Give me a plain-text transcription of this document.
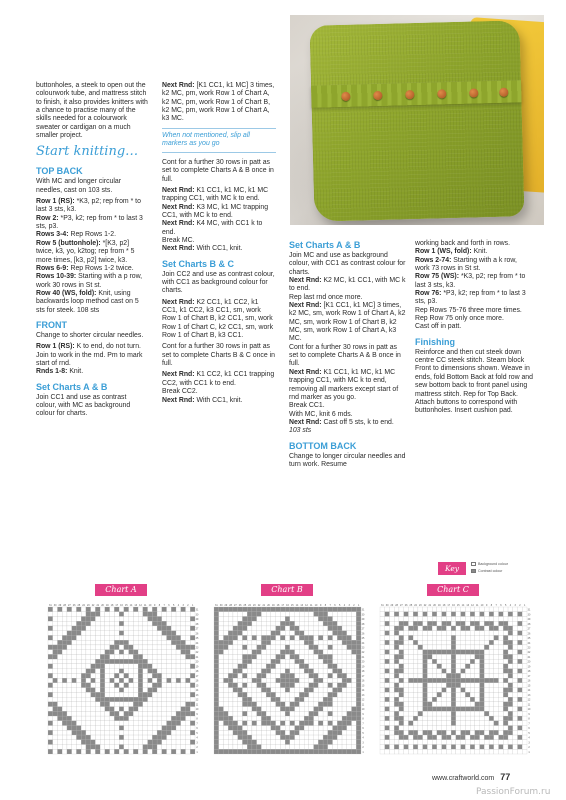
buttonholes, a steek to open out the colourwork tube, and mattress stitch to finish, it also provides knitters with a chance to practise many of the skills needed for a colourwork sweater or cardigan on a much smaller project.

Start knitting…
TOP BACK

With MC and longer circular needles, cast on 103 sts.

Row 1 (RS): *K3, p2; rep from * to last 3 sts, k3.

Row 2: *P3, k2; rep from * to last 3 sts, p3.

Rows 3-4: Rep Rows 1-2.

Row 5 (buttonhole): *[K3, p2] twice, k3, yo, k2tog; rep from * 5 more times, [k3, p2] twice, k3.

Rows 6-9: Rep Rows 1-2 twice.

Rows 10-39: Starting with a p row, work 30 rows in St st.

Row 40 (WS, fold): Knit, using backwards loop method cast on 5 sts for steek. 108 sts

FRONT

Change to shorter circular needles.

Row 1 (RS): K to end, do not turn. Join to work in the rnd. Pm to mark start of rnd.

Rnds 1-8: Knit.

Set Charts A & B

Join CC1 and use as contrast colour, with MC as background colour for charts.

Next Rnd: [K1 CC1, k1 MC] 3 times, k2 MC, pm, work Row 1 of Chart A, k2 MC, pm, work Row 1 of Chart B, k2 MC, pm, work Row 1 of Chart A, k3 MC.

When not mentioned, slip all markers as you go

Cont for a further 30 rows in patt as set to complete Charts A & B once in full.

Next Rnd: K1 CC1, k1 MC, k1 MC trapping CC1, with MC k to end.

Next Rnd: K3 MC, k1 MC trapping CC1, with MC k to end.

Next Rnd: K4 MC, with CC1 k to end.

Break MC.

Next Rnd: With CC1, knit.

Set Charts B & C

Join CC2 and use as contrast colour, with CC1 as background colour for charts.

Next Rnd: K2 CC1, k1 CC2, k1 CC1, k1 CC2, k3 CC1, sm, work Row 1 of Chart B, k2 CC1, sm, work Row 1 of Chart C, k2 CC1, sm, work Row 1 of Chart B, k3 CC1.

Cont for a further 30 rows in patt as set to complete Charts B & C once in full.

Next Rnd: K1 CC2, k1 CC1 trapping CC2, with CC1 k to end.

Break CC2.

Next Rnd: With CC1, knit.

Set Charts A & B

Join MC and use as background colour, with CC1 as contrast colour for charts.

Next Rnd: K2 MC, k1 CC1, with MC k to end.

Rep last rnd once more.

Next Rnd: [K1 CC1, k1 MC] 3 times, k2 MC, sm, work Row 1 of Chart A, k2 MC, sm, work Row 1 of Chart B, k2 MC, sm, work Row 1 of Chart A, k3 MC.

Cont for a further 30 rows in patt as set to complete Charts A & B once in full.

Next Rnd: K1 CC1, k1 MC, k1 MC trapping CC1, with MC k to end, removing all markers except start of rnd marker as you go.

Break CC1.

With MC, knit 6 mds.

Next Rnd: Cast off 5 sts, k to end. 103 sts

BOTTOM BACK

Change to longer circular needles and turn work. Resume

working back and forth in rows.

Row 1 (WS, fold): Knit.

Rows 2-74: Starting with a k row, work 73 rows in St st.

Row 75 (WS): *K3, p2; rep from * to last 3 sts, k3.

Row 76: *P3, k2; rep from * to last 3 sts, p3.

Rep Rows 75-76 three more times.

Rep Row 75 only once more.

Cast off in patt.

Finishing

Reinforce and then cut steek down centre CC steek stitch. Steam block Front to dimensions shown. Weave in ends, fold Bottom Back at fold row and sew bottom back to front panel using mattress stitch. Rep for Top Back. Attach buttons to correspond with buttonholes. Insert cushion pad.

Key	Background colour
Contrast colour
Chart A
31
31
30
30
29
29
28
28
27
27
26
26
25
25
24
24
23
23
22
22
21
21
20
20
19
19
18
18
17
17
16
16
15
15
14
14
13
13
12
12
11
11
10
10
9
9
8
8
7
7
6
6
5
5
4
4
3
3
2
2
1
1
Chart B
31
31
30
30
29
29
28
28
27
27
26
26
25
25
24
24
23
23
22
22
21
21
20
20
19
19
18
18
17
17
16
16
15
15
14
14
13
13
12
12
11
11
10
10
9
9
8
8
7
7
6
6
5
5
4
4
3
3
2
2
1
1
Chart C
31
31
30
30
29
29
28
28
27
27
26
26
25
25
24
24
23
23
22
22
21
21
20
20
19
19
18
18
17
17
16
16
15
15
14
14
13
13
12
12
11
11
10
10
9
9
8
8
7
7
6
6
5
5
4
4
3
3
2
2
1
1
www.craftworld.com 77
PassionForum.ru
